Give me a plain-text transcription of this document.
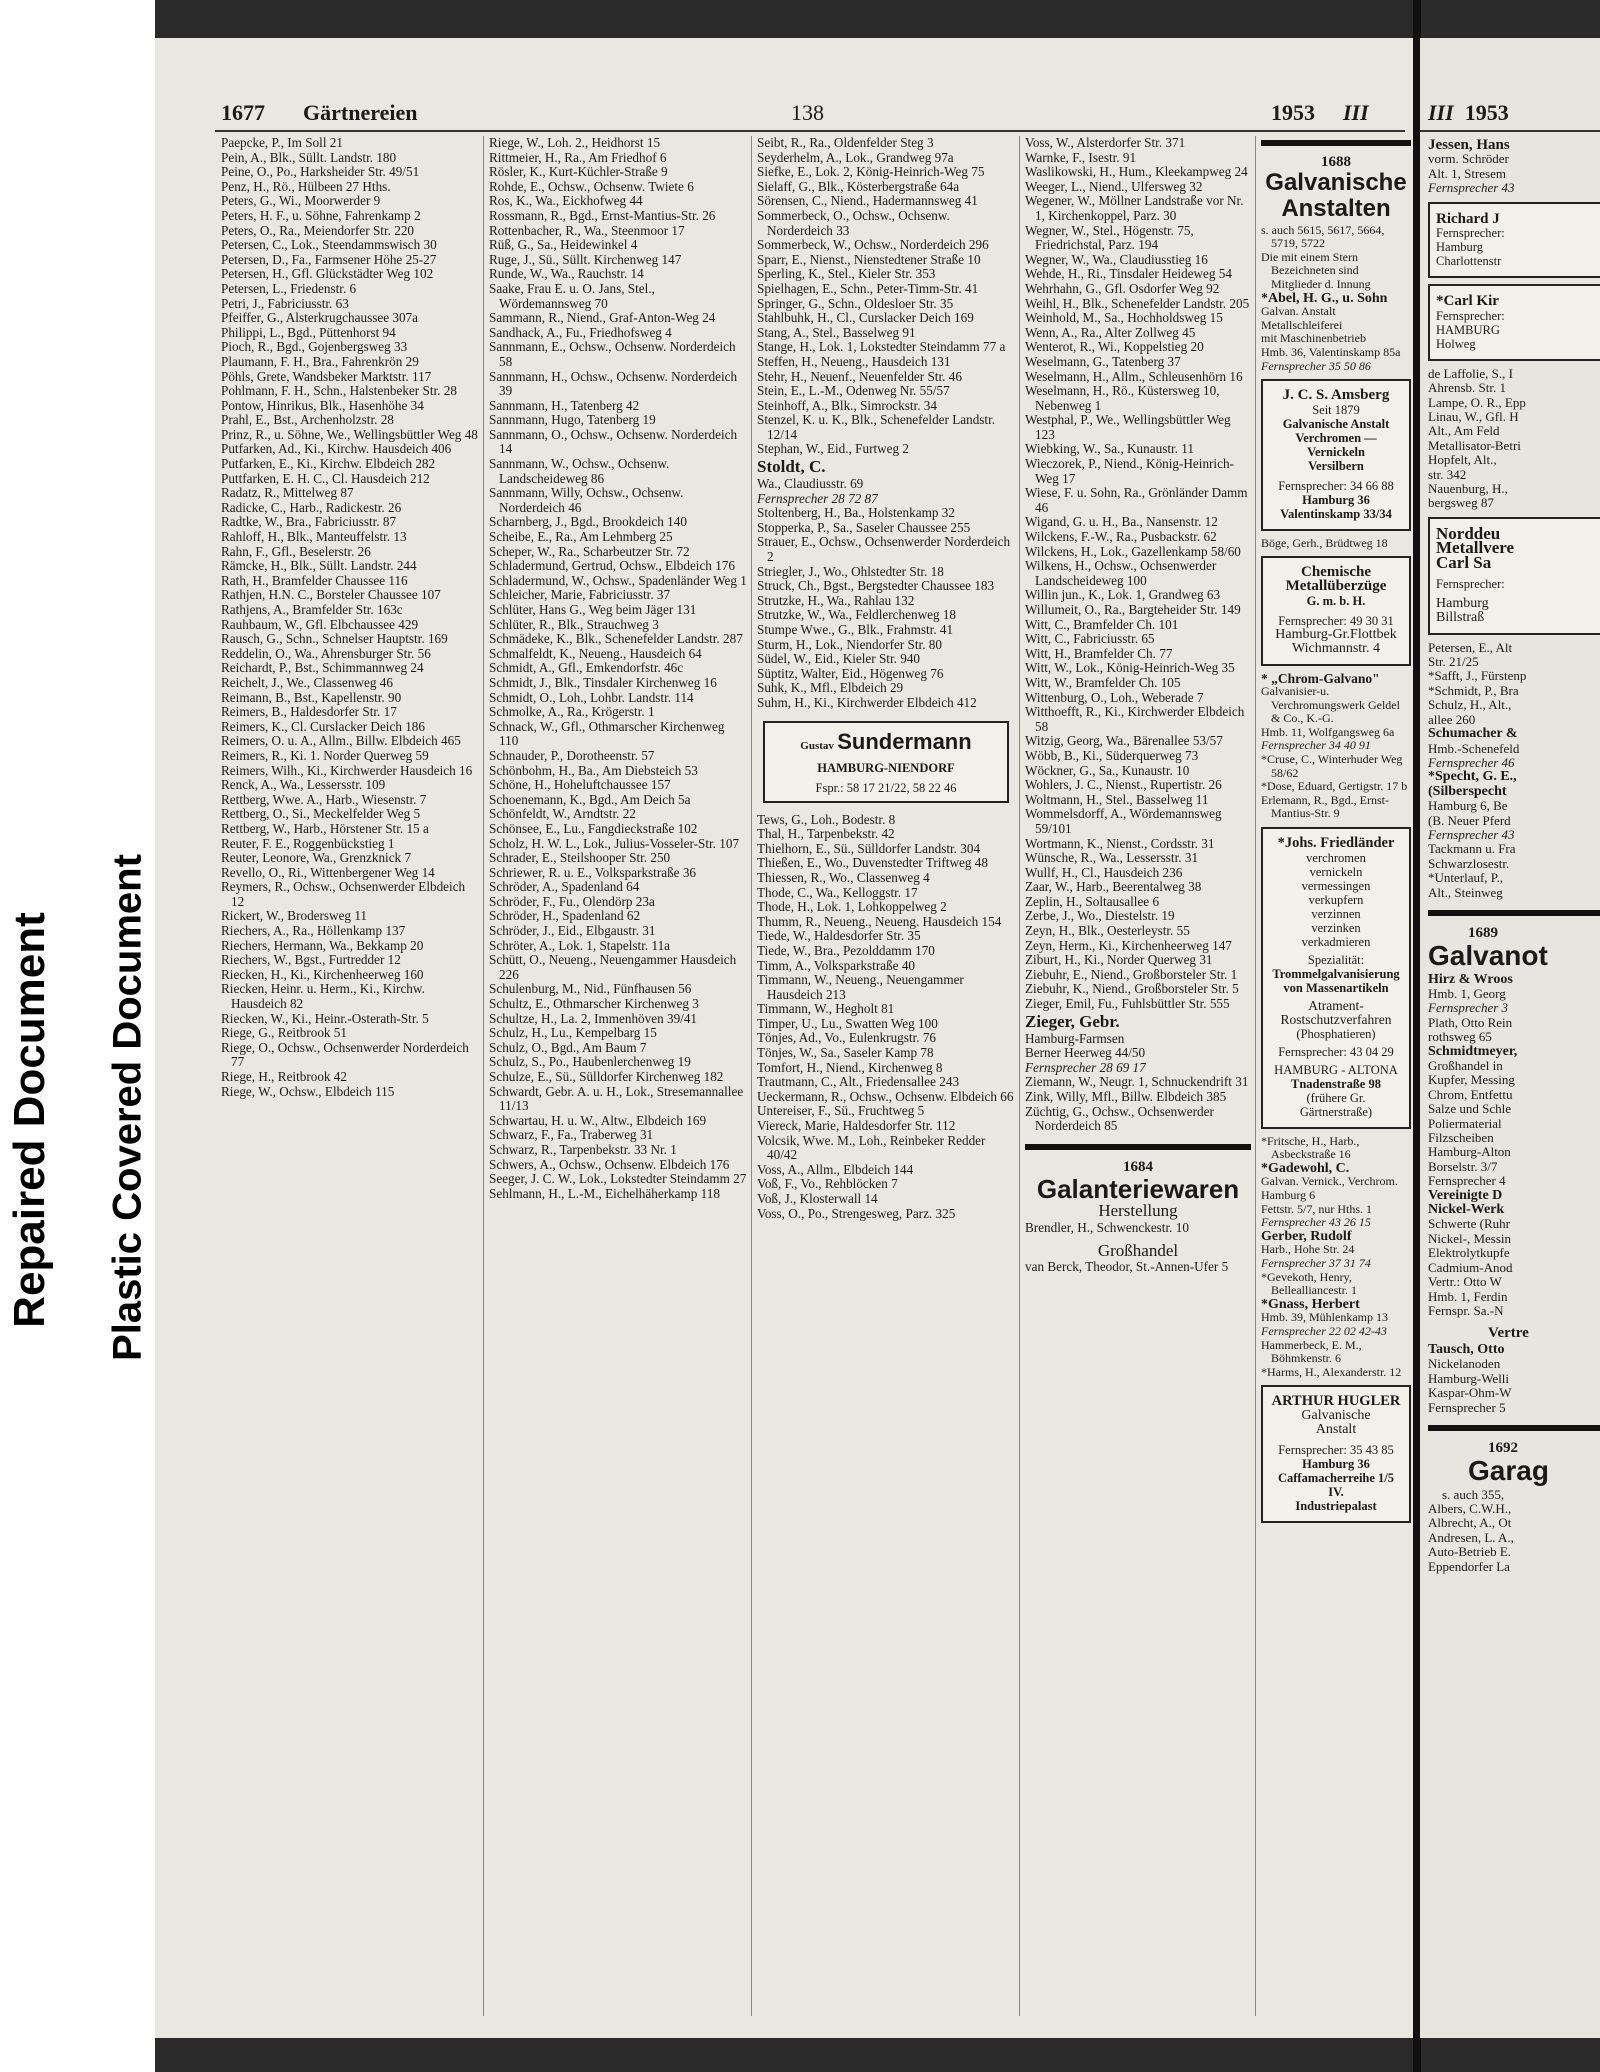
Repaired Document Plastic Covered Document
1677 Gärtnereien	138	1953 III
Paepcke, P., Im Soll 21
Pein, A., Blk., Süllt. Landstr. 180
Peine, O., Po., Harksheider Str. 49/51
Penz, H., Rö., Hülbeen 27 Hths.
Peters, G., Wi., Moorwerder 9
Peters, H. F., u. Söhne, Fahrenkamp 2
Peters, O., Ra., Meiendorfer Str. 220
Petersen, C., Lok., Steendammswisch 30
Petersen, D., Fa., Farmsener Höhe 25-27
Petersen, H., Gfl. Glückstädter Weg 102
Petersen, L., Friedenstr. 6
Petri, J., Fabriciusstr. 63
Pfeiffer, G., Alsterkrugchaussee 307a
Philippi, L., Bgd., Püttenhorst 94
Pioch, R., Bgd., Gojenbergsweg 33
Plaumann, F. H., Bra., Fahrenkrön 29
Pöhls, Grete, Wandsbeker Marktstr. 117
Pohlmann, F. H., Schn., Halstenbeker Str. 28
Pontow, Hinrikus, Blk., Hasenhöhe 34
Prahl, E., Bst., Archenholzstr. 28
Prinz, R., u. Söhne, We., Wellingsbüttler Weg 48
Putfarken, Ad., Ki., Kirchw. Hausdeich 406
Putfarken, E., Ki., Kirchw. Elbdeich 282
Puttfarken, E. H. C., Cl. Hausdeich 212
Radatz, R., Mittelweg 87
Radicke, C., Harb., Radickestr. 26
Radtke, W., Bra., Fabriciusstr. 87
Rahloff, H., Blk., Manteuffelstr. 13
Rahn, F., Gfl., Beselerstr. 26
Rämcke, H., Blk., Süllt. Landstr. 244
Rath, H., Bramfelder Chaussee 116
Rathjen, H.N. C., Borsteler Chaussee 107
Rathjens, A., Bramfelder Str. 163c
Rauhbaum, W., Gfl. Elbchaussee 429
Rausch, G., Schn., Schnelser Hauptstr. 169
Reddelin, O., Wa., Ahrensburger Str. 56
Reichardt, P., Bst., Schimmannweg 24
Reichelt, J., We., Classenweg 46
Reimann, B., Bst., Kapellenstr. 90
Reimers, B., Haldesdorfer Str. 17
Reimers, K., Cl. Curslacker Deich 186
Reimers, O. u. A., Allm., Billw. Elbdeich 465
Reimers, R., Ki. 1. Norder Querweg 59
Reimers, Wilh., Ki., Kirchwerder Hausdeich 16
Renck, A., Wa., Lessersstr. 109
Rettberg, Wwe. A., Harb., Wiesenstr. 7
Rettberg, O., Si., Meckelfelder Weg 5
Rettberg, W., Harb., Hörstener Str. 15 a
Reuter, F. E., Roggenbückstieg 1
Reuter, Leonore, Wa., Grenzknick 7
Revello, O., Ri., Wittenbergener Weg 14
Reymers, R., Ochsw., Ochsenwerder Elbdeich 12
Rickert, W., Brodersweg 11
Riechers, A., Ra., Höllenkamp 137
Riechers, Hermann, Wa., Bekkamp 20
Riechers, W., Bgst., Furtredder 12
Riecken, H., Ki., Kirchenheerweg 160
Riecken, Heinr. u. Herm., Ki., Kirchw. Hausdeich 82
Riecken, W., Ki., Heinr.-Osterath-Str. 5
Riege, G., Reitbrook 51
Riege, O., Ochsw., Ochsenwerder Norderdeich 77
Riege, H., Reitbrook 42
Riege, W., Ochsw., Elbdeich 115
Riege, W., Loh. 2., Heidhorst 15
Rittmeier, H., Ra., Am Friedhof 6
Rösler, K., Kurt-Küchler-Straße 9
Rohde, E., Ochsw., Ochsenw. Twiete 6
Ros, K., Wa., Eickhofweg 44
Rossmann, R., Bgd., Ernst-Mantius-Str. 26
Rottenbacher, R., Wa., Steenmoor 17
Rüß, G., Sa., Heidewinkel 4
Ruge, J., Sü., Süllt. Kirchenweg 147
Runde, W., Wa., Rauchstr. 14
Saake, Frau E. u. O. Jans, Stel., Wördemannsweg 70
Sammann, R., Niend., Graf-Anton-Weg 24
Sandhack, A., Fu., Friedhofsweg 4
Sannmann, E., Ochsw., Ochsenw. Norderdeich 58
Sannmann, H., Ochsw., Ochsenw. Norderdeich 39
Sannmann, H., Tatenberg 42
Sannmann, Hugo, Tatenberg 19
Sannmann, O., Ochsw., Ochsenw. Norderdeich 14
Sannmann, W., Ochsw., Ochsenw. Landscheideweg 86
Sannmann, Willy, Ochsw., Ochsenw. Norderdeich 46
Scharnberg, J., Bgd., Brookdeich 140
Scheibe, E., Ra., Am Lehmberg 25
Scheper, W., Ra., Scharbeutzer Str. 72
Schladermund, Gertrud, Ochsw., Elbdeich 176
Schladermund, W., Ochsw., Spadenländer Weg 1
Schleicher, Marie, Fabriciusstr. 37
Schlüter, Hans G., Weg beim Jäger 131
Schlüter, R., Blk., Strauchweg 3
Schmädeke, K., Blk., Schenefelder Landstr. 287
Schmalfeldt, K., Neueng., Hausdeich 64
Schmidt, A., Gfl., Emkendorfstr. 46c
Schmidt, J., Blk., Tinsdaler Kirchenweg 16
Schmidt, O., Loh., Lohbr. Landstr. 114
Schmolke, A., Ra., Krögerstr. 1
Schnack, W., Gfl., Othmarscher Kirchenweg 110
Schnauder, P., Dorotheenstr. 57
Schönbohm, H., Ba., Am Diebsteich 53
Schöne, H., Hoheluftchaussee 157
Schoenemann, K., Bgd., Am Deich 5a
Schönfeldt, W., Arndtstr. 22
Schönsee, E., Lu., Fangdieckstraße 102
Scholz, H. W. L., Lok., Julius-Vosseler-Str. 107
Schrader, E., Steilshooper Str. 250
Schriewer, R. u. E., Volksparkstraße 36
Schröder, A., Spadenland 64
Schröder, F., Fu., Olendörp 23a
Schröder, H., Spadenland 62
Schröder, J., Eid., Elbgaustr. 31
Schröter, A., Lok. 1, Stapelstr. 11a
Schütt, O., Neueng., Neuengammer Hausdeich 226
Schulenburg, M., Nid., Fünfhausen 56
Schultz, E., Othmarscher Kirchenweg 3
Schultze, H., La. 2, Immenhöven 39/41
Schulz, H., Lu., Kempelbarg 15
Schulz, O., Bgd., Am Baum 7
Schulz, S., Po., Haubenlerchenweg 19
Schulze, E., Sü., Sülldorfer Kirchenweg 182
Schwardt, Gebr. A. u. H., Lok., Stresemannallee 11/13
Schwartau, H. u. W., Altw., Elbdeich 169
Schwarz, F., Fa., Traberweg 31
Schwarz, R., Tarpenbekstr. 33 Nr. 1
Schwers, A., Ochsw., Ochsenw. Elbdeich 176
Seeger, J. C. W., Lok., Lokstedter Steindamm 27
Sehlmann, H., L.-M., Eichelhäherkamp 118
Seibt, R., Ra., Oldenfelder Steg 3
Seyderhelm, A., Lok., Grandweg 97a
Siefke, E., Lok. 2, König-Heinrich-Weg 75
Sielaff, G., Blk., Kösterbergstraße 64a
Sörensen, C., Niend., Hadermannsweg 41
Sommerbeck, O., Ochsw., Ochsenw. Norderdeich 33
Sommerbeck, W., Ochsw., Norderdeich 296
Sparr, E., Nienst., Nienstedtener Straße 10
Sperling, K., Stel., Kieler Str. 353
Spielhagen, E., Schn., Peter-Timm-Str. 41
Springer, G., Schn., Oldesloer Str. 35
Stahlbuhk, H., Cl., Curslacker Deich 169
Stang, A., Stel., Basselweg 91
Stange, H., Lok. 1, Lokstedter Steindamm 77 a
Steffen, H., Neueng., Hausdeich 131
Stehr, H., Neuenf., Neuenfelder Str. 46
Stein, E., L.-M., Odenweg Nr. 55/57
Steinhoff, A., Blk., Simrockstr. 34
Stenzel, K. u. K., Blk., Schenefelder Landstr. 12/14
Stephan, W., Eid., Furtweg 2
Stoldt, C.
Wa., Claudiusstr. 69
Fernsprecher 28 72 87
Stoltenberg, H., Ba., Holstenkamp 32
Stopperka, P., Sa., Saseler Chaussee 255
Strauer, E., Ochsw., Ochsenwerder Norderdeich 2
Striegler, J., Wo., Ohlstedter Str. 18
Struck, Ch., Bgst., Bergstedter Chaussee 183
Strutzke, H., Wa., Rahlau 132
Strutzke, W., Wa., Feldlerchenweg 18
Stumpe Wwe., G., Blk., Frahmstr. 41
Sturm, H., Lok., Niendorfer Str. 80
Südel, W., Eid., Kieler Str. 940
Süptitz, Walter, Eid., Högenweg 76
Suhk, K., Mfl., Elbdeich 29
Suhm, H., Ki., Kirchwerder Elbdeich 412
Gustav Sundermann
HAMBURG-NIENDORF
Fspr.: 58 17 21/22, 58 22 46
Tews, G., Loh., Bodestr. 8
Thal, H., Tarpenbekstr. 42
Thielhorn, E., Sü., Sülldorfer Landstr. 304
Thießen, E., Wo., Duvenstedter Triftweg 48
Thiessen, R., Wo., Classenweg 4
Thode, C., Wa., Kelloggstr. 17
Thode, H., Lok. 1, Lohkoppelweg 2
Thumm, R., Neueng., Neueng. Hausdeich 154
Tiede, W., Haldesdorfer Str. 35
Tiede, W., Bra., Pezolddamm 170
Timm, A., Volksparkstraße 40
Timmann, W., Neueng., Neuengammer Hausdeich 213
Timmann, W., Hegholt 81
Timper, U., Lu., Swatten Weg 100
Tönjes, Ad., Vo., Eulenkrugstr. 76
Tönjes, W., Sa., Saseler Kamp 78
Tomfort, H., Niend., Kirchenweg 8
Trautmann, C., Alt., Friedensallee 243
Ueckermann, R., Ochsw., Ochsenw. Elbdeich 66
Untereiser, F., Sü., Fruchtweg 5
Viereck, Marie, Haldesdorfer Str. 112
Volcsik, Wwe. M., Loh., Reinbeker Redder 40/42
Voss, A., Allm., Elbdeich 144
Voß, F., Vo., Rehblöcken 7
Voß, J., Klosterwall 14
Voss, O., Po., Strengesweg, Parz. 325
Voss, W., Alsterdorfer Str. 371
Warnke, F., Isestr. 91
Waslikowski, H., Hum., Kleekampweg 24
Weeger, L., Niend., Ulfersweg 32
Wegener, W., Möllner Landstraße vor Nr. 1, Kirchenkoppel, Parz. 30
Wegner, W., Stel., Högenstr. 75, Friedrichstal, Parz. 194
Wegner, W., Wa., Claudiusstieg 16
Wehde, H., Ri., Tinsdaler Heideweg 54
Wehrhahn, G., Gfl. Osdorfer Weg 92
Weihl, H., Blk., Schenefelder Landstr. 205
Weinhold, M., Sa., Hochholdsweg 15
Wenn, A., Ra., Alter Zollweg 45
Wenterot, R., Wi., Koppelstieg 20
Weselmann, G., Tatenberg 37
Weselmann, H., Allm., Schleusenhörn 16
Weselmann, H., Rö., Küstersweg 10, Nebenweg 1
Westphal, P., We., Wellingsbüttler Weg 123
Wiebking, W., Sa., Kunaustr. 11
Wieczorek, P., Niend., König-Heinrich-Weg 17
Wiese, F. u. Sohn, Ra., Grönländer Damm 46
Wigand, G. u. H., Ba., Nansenstr. 12
Wilckens, F.-W., Ra., Pusbackstr. 62
Wilckens, H., Lok., Gazellenkamp 58/60
Wilkens, H., Ochsw., Ochsenwerder Landscheideweg 100
Willin jun., K., Lok. 1, Grandweg 63
Willumeit, O., Ra., Bargteheider Str. 149
Witt, C., Bramfelder Ch. 101
Witt, C., Fabriciusstr. 65
Witt, H., Bramfelder Ch. 77
Witt, W., Lok., König-Heinrich-Weg 35
Witt, W., Bramfelder Ch. 105
Wittenburg, O., Loh., Weberade 7
Witthoefft, R., Ki., Kirchwerder Elbdeich 58
Witzig, Georg, Wa., Bärenallee 53/57
Wöbb, B., Ki., Süderquerweg 73
Wöckner, G., Sa., Kunaustr. 10
Wohlers, J. C., Nienst., Rupertistr. 26
Woltmann, H., Stel., Basselweg 11
Wommelsdorff, A., Wördemannsweg 59/101
Wortmann, K., Nienst., Cordsstr. 31
Wünsche, R., Wa., Lessersstr. 31
Wullf, H., Cl., Hausdeich 236
Zaar, W., Harb., Beerentalweg 38
Zeplin, H., Soltausallee 6
Zerbe, J., Wo., Diestelstr. 19
Zeyn, H., Blk., Oesterleystr. 55
Zeyn, Herm., Ki., Kirchenheerweg 147
Ziburt, H., Ki., Norder Querweg 31
Ziebuhr, E., Niend., Großborsteler Str. 1
Ziebuhr, K., Niend., Großborsteler Str. 5
Zieger, Emil, Fu., Fuhlsbüttler Str. 555
Zieger, Gebr.
Hamburg-Farmsen
Berner Heerweg 44/50
Fernsprecher 28 69 17
Ziemann, W., Neugr. 1, Schnuckendrift 31
Zink, Willy, Mfl., Billw. Elbdeich 385
Züchtig, G., Ochsw., Ochsenwerder Norderdeich 85
1684
Galanteriewaren
Herstellung
Brendler, H., Schwenckestr. 10
Großhandel
van Berck, Theodor, St.-Annen-Ufer 5
1688
Galvanische
Anstalten
s. auch 5615, 5617, 5664, 5719, 5722
Die mit einem Stern Bezeichneten sind Mitglieder d. Innung
*Abel, H. G., u. Sohn
Galvan. Anstalt
Metallschleiferei
mit Maschinenbetrieb
Hmb. 36, Valentinskamp 85a
Fernsprecher 35 50 86
J. C. S. Amsberg
Seit 1879
Galvanische Anstalt
Verchromen — Vernickeln
Versilbern
Fernsprecher: 34 66 88
Hamburg 36
Valentinskamp 33/34
Böge, Gerh., Brüdtweg 18
Chemische
Metallüberzüge
G. m. b. H.
Fernsprecher: 49 30 31
Hamburg-Gr.Flottbek
Wichmannstr. 4
* „Chrom-Galvano"
Galvanisier-u. Verchromungswerk Geldel & Co., K.-G.
Hmb. 11, Wolfgangsweg 6a
Fernsprecher 34 40 91
*Cruse, C., Winterhuder Weg 58/62
*Dose, Eduard, Gertigstr. 17 b
Erlemann, R., Bgd., Ernst-Mantius-Str. 9
*Johs. Friedländer
verchromen
vernickeln
vermessingen
verkupfern
verzinnen
verzinken
verkadmieren
Spezialität:
Trommelgalvanisierung
von Massenartikeln
Atrament-
Rostschutzverfahren
(Phosphatieren)
Fernsprecher: 43 04 29
HAMBURG - ALTONA
Tnadenstraße 98
(frühere Gr. Gärtnerstraße)
*Fritsche, H., Harb., Asbeckstraße 16
*Gadewohl, C.
Galvan. Vernick., Verchrom.
Hamburg 6
Fettstr. 5/7, nur Hths. 1
Fernsprecher 43 26 15
Gerber, Rudolf
Harb., Hohe Str. 24
Fernsprecher 37 31 74
*Gevekoth, Henry, Bellealliancestr. 1
*Gnass, Herbert
Hmb. 39, Mühlenkamp 13
Fernsprecher 22 02 42-43
Hammerbeck, E. M., Böhmkenstr. 6
*Harms, H., Alexanderstr. 12
ARTHUR HUGLER
Galvanische
Anstalt
Fernsprecher: 35 43 85
Hamburg 36
Caffamacherreihe 1/5 IV.
Industriepalast
III 1953
Jessen, Hans
vorm. Schröder
Alt. 1, Stresem
Fernsprecher 43
Richard J
Fernsprecher:
Hamburg
Charlottenstr
*Carl Kir
Fernsprecher:
HAMBURG
Holweg
de Laffolie, S., I
Ahrensb. Str. 1
Lampe, O. R., Epp
Linau, W., Gfl. H
Alt., Am Feld
Metallisator-Betri
Hopfelt, Alt.,
str. 342
Nauenburg, H.,
bergsweg 87
Norddeu
Metallvere
Carl Sa
Fernsprecher:
Hamburg
Billstraß
Petersen, E., Alt
Str. 21/25
*Safft, J., Fürstenp
*Schmidt, P., Bra
Schulz, H., Alt.,
allee 260
Schumacher &
Hmb.-Schenefeld
Fernsprecher 46
*Specht, G. E.,
(Silberspecht
Hamburg 6, Be
(B. Neuer Pferd
Fernsprecher 43
Tackmann u. Fra
Schwarzlosestr.
*Unterlauf, P.,
Alt., Steinweg
1689
Galvanot
Hirz & Wroos
Hmb. 1, Georg
Fernsprecher 3
Plath, Otto Rein
rothsweg 65
Schmidtmeyer,
Großhandel in
Kupfer, Messing
Chrom, Entfettu
Salze und Schle
Poliermaterial
Filzscheiben
Hamburg-Alton
Borselstr. 3/7
Fernsprecher 4
Vereinigte D
Nickel-Werk
Schwerte (Ruhr
Nickel-, Messin
Elektrolytkupfe
Cadmium-Anod
Vertr.: Otto W
Hmb. 1, Ferdin
Fernspr. Sa.-N
Vertre
Tausch, Otto
Nickelanoden
Hamburg-Welli
Kaspar-Ohm-W
Fernsprecher 5
1692
Garag
s. auch 355,
Albers, C.W.H.,
Albrecht, A., Ot
Andresen, L. A.,
Auto-Betrieb E.
Eppendorfer La
